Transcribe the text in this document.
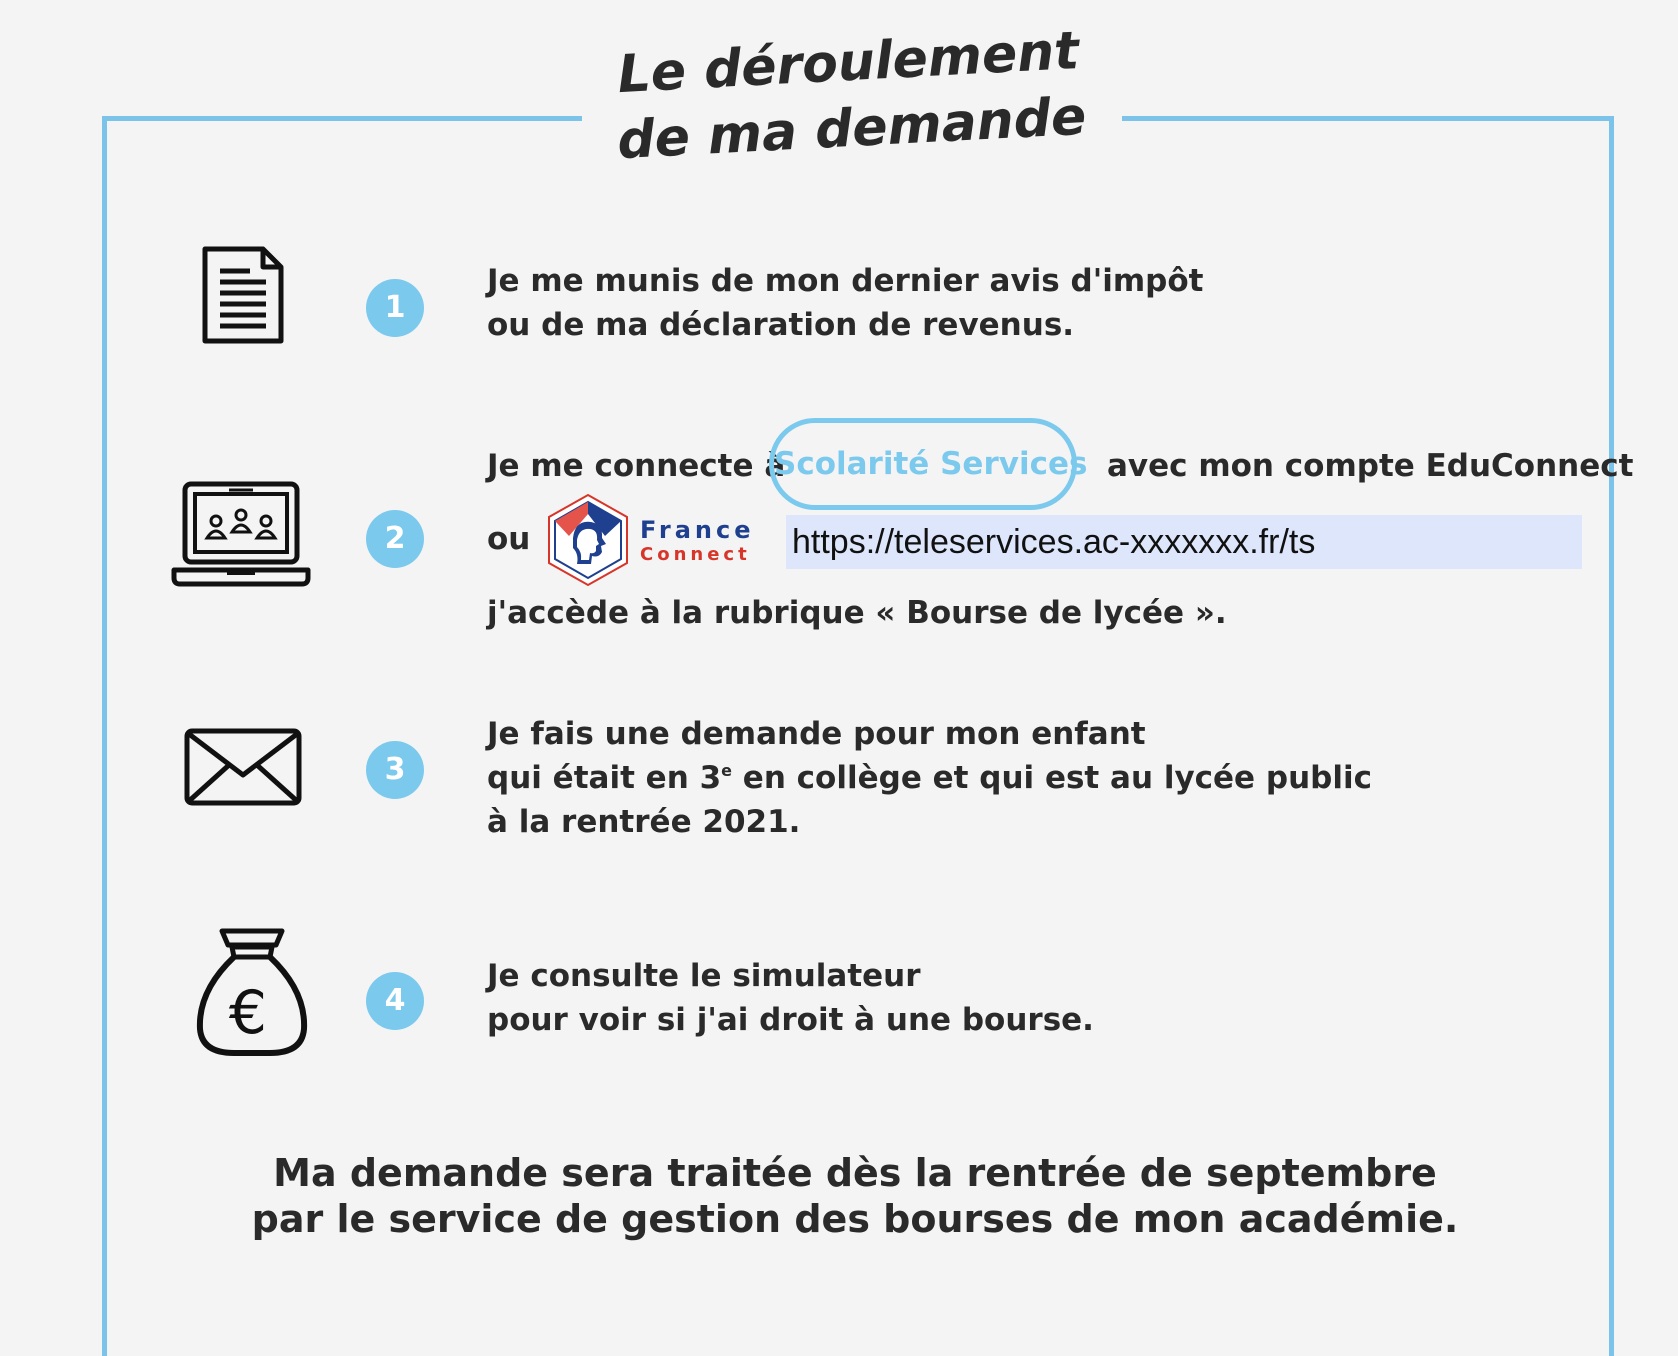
Le déroulement
de ma demande
1
Je me munis de mon dernier avis d'impôt
ou de ma déclaration de revenus.
2
Je me connecte à
Scolarité Services avec mon compte EduConnect
ou	France
Connect https://teleservices.ac-xxxxxxx.fr/ts
j'accède à la rubrique « Bourse de lycée ».
3
Je fais une demande pour mon enfant
qui était en 3e en collège et qui est au lycée public
à la rentrée 2021.
€	4
Je consulte le simulateur
pour voir si j'ai droit à une bourse.
Ma demande sera traitée dès la rentrée de septembre
par le service de gestion des bourses de mon académie.
